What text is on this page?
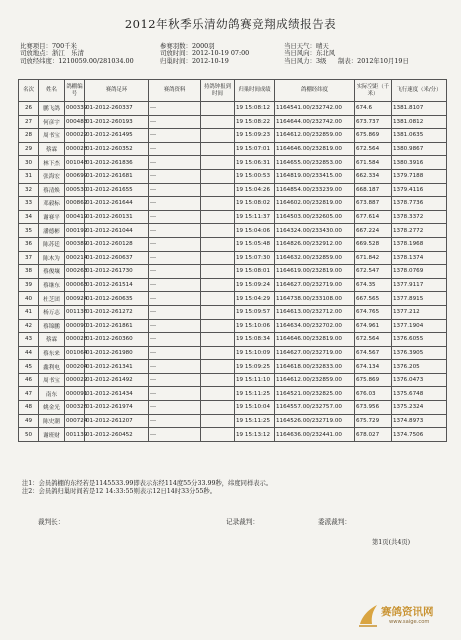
2012年秋季乐清幼鸽赛竞翔成绩报告表
比赛项目：700千米	参赛羽数：2000羽	当日天气：晴天
司放地点：浙江　乐清	司放时间：2012-10-19 07:00	当日风向：东北风
司放经纬度：1210059.00/281034.00	归巢时间：2012-10-19	当日风力：3级 制表：2012年10月19日
名次	姓名	鸽棚编号	赛鸽足环	赛鸽资料	持鸽钟报到时间	归巢时间成绩	鸽棚经纬度	实际空距（千米）	飞行速度（米/分）
26	鹏飞鸽	000339	01-2012-260337	---		19 15:08:12	1164541.00/232742.00	674.6	1381.8107
27	何彦宇	000483	01-2012-260193	---		19 15:08:22	1164644.00/232742.00	673.737	1381.0812
28	周书宝	000022	01-2012-261495	---		19 15:09:23	1164612.00/232859.00	675.869	1381.0635
29	蔡霖	000028	01-2012-260352	---		19 15:07:01	1164646.00/232819.00	672.564	1380.9867
30	林下杰	001048	01-2012-261836	---		19 15:06:31	1164655.00/232853.00	671.584	1380.3916
31	张海宏	000699	01-2012-261681	---		19 15:00:53	1164819.00/233415.00	662.334	1379.7188
32	蔡清焕	000530	01-2012-261655	---		19 15:04:26	1164854.00/233239.00	668.187	1379.4116
33	邓毅标	000862	01-2012-261644	---		19 15:08:02	1164602.00/232819.00	673.887	1378.7736
34	谢赛平	000419	01-2012-260131	---		19 15:11:37	1164503.00/232605.00	677.614	1378.3372
35	潘德彬	000192	01-2012-261044	---		19 15:04:06	1164324.00/233430.00	667.224	1378.2772
36	陈苏廷	000389	01-2012-260128	---		19 15:05:48	1164826.00/232912.00	669.528	1378.1968
37	陈木为	000214	01-2012-260637	---		19 15:07:30	1164632.00/232859.00	671.842	1378.1374
38	蔡俊壤	000263	01-2012-261730	---		19 15:08:01	1164619.00/232819.00	672.547	1378.0769
39	蔡继东	000063	01-2012-261514	---		19 15:09:24	1164627.00/232719.00	674.35	1377.9117
40	杜芝团	000924	01-2012-260635	---		19 15:04:29	1164738.00/233108.00	667.565	1377.8915
41	杨万志	001136	01-2012-261272	---		19 15:09:57	1164613.00/232712.00	674.765	1377.212
42	蔡锦鹏	000090	01-2012-261861	---		19 15:10:06	1164634.00/232702.00	674.961	1377.1904
43	蔡霖	000028	01-2012-260360	---		19 15:08:34	1164646.00/232819.00	672.564	1376.6055
44	蔡东来	001064	01-2012-261980	---		19 15:10:09	1164627.00/232719.00	674.567	1376.3905
45	鑫利电	000204	01-2012-261341	---		19 15:09:25	1164618.00/232833.00	674.134	1376.205
46	周书宝	000022	01-2012-261492	---		19 15:11:10	1164612.00/232859.00	675.869	1376.0473
47	南东	000091	01-2012-261434	---		19 15:11:25	1164521.00/232825.00	676.03	1375.6748
48	姚金光	000326	01-2012-261974	---		19 15:10:04	1164557.00/232757.00	673.956	1375.2324
49	陈史潮	000724	01-2012-261207	---		19 15:11:25	1164526.00/232719.00	675.729	1374.8973
50	谢班财	001139	01-2012-260452	---		19 15:13:12	1164636.00/232441.00	678.027	1374.7506
注1：会员鸽棚的东经若是1145533.99即表示东经114度55分33.99秒，纬度同样表示。
注2：会员鸽归巢时间若是12 14:33:55则表示12日14时33分55秒。
裁判长：	记录裁判：	委派裁判：
第1页(共4页)
赛鸽资讯网
www.saige.com
